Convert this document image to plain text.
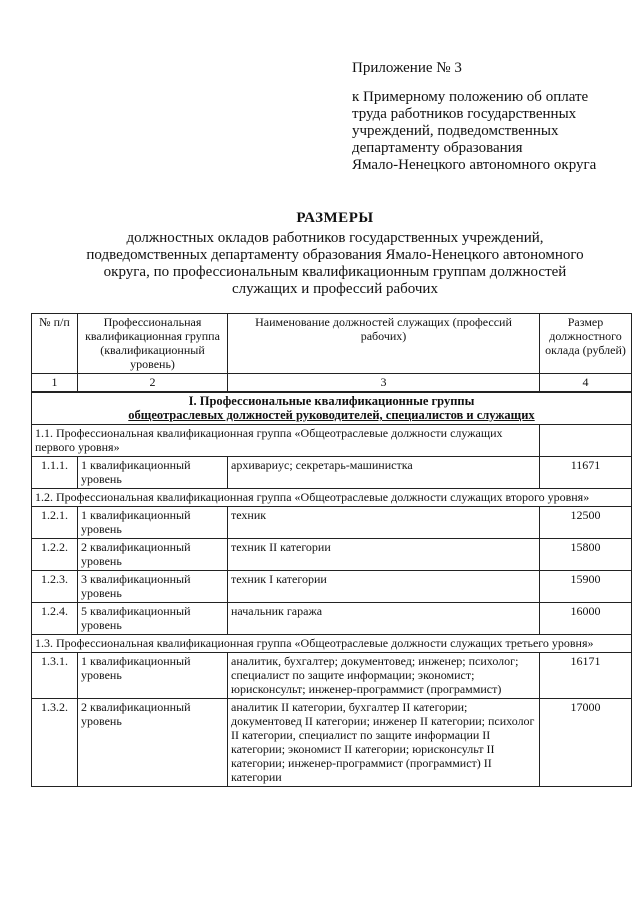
Приложение № 3
к Примерному положению об оплате
труда работников государственных
учреждений, подведомственных
департаменту образования
Ямало-Ненецкого автономного округа
РАЗМЕРЫ
должностных окладов работников государственных учреждений,
подведомственных департаменту образования Ямало-Ненецкого автономного
округа, по профессиональным квалификационным группам должностей
служащих и профессий рабочих
№ п/п	Профессиональная квалификационная группа (квалификационный уровень)	Наименование должностей служащих (профессий рабочих)	Размер должностного оклада (рублей)
1	2	3	4

I. Профессиональные квалификационные группы
общеотраслевых должностей руководителей, специалистов и служащих			

1.1. Профессиональная квалификационная группа «Общеотраслевые должности служащих первого уровня»			
1.1.1.	1 квалификационный уровень	архивариус; секретарь-машинистка	11671
1.2. Профессиональная квалификационная группа «Общеотраслевые должности служащих второго уровня»			
1.2.1.	1 квалификационный уровень	техник	12500
1.2.2.	2 квалификационный уровень	техник II категории	15800
1.2.3.	3 квалификационный уровень	техник I категории	15900
1.2.4.	5 квалификационный уровень	начальник гаража	16000
1.3. Профессиональная квалификационная группа «Общеотраслевые должности служащих третьего уровня»			
1.3.1.	1 квалификационный уровень	аналитик, бухгалтер; документовед; инженер; психолог; специалист по защите информации; экономист; юрисконсульт; инженер-программист (программист)	16171
1.3.2.	2 квалификационный уровень	аналитик II категории, бухгалтер II категории; документовед II категории; инженер II категории; психолог II категории, специалист по защите информации II категории; экономист II категории; юрисконсульт II категории; инженер-программист (программист) II категории	17000
